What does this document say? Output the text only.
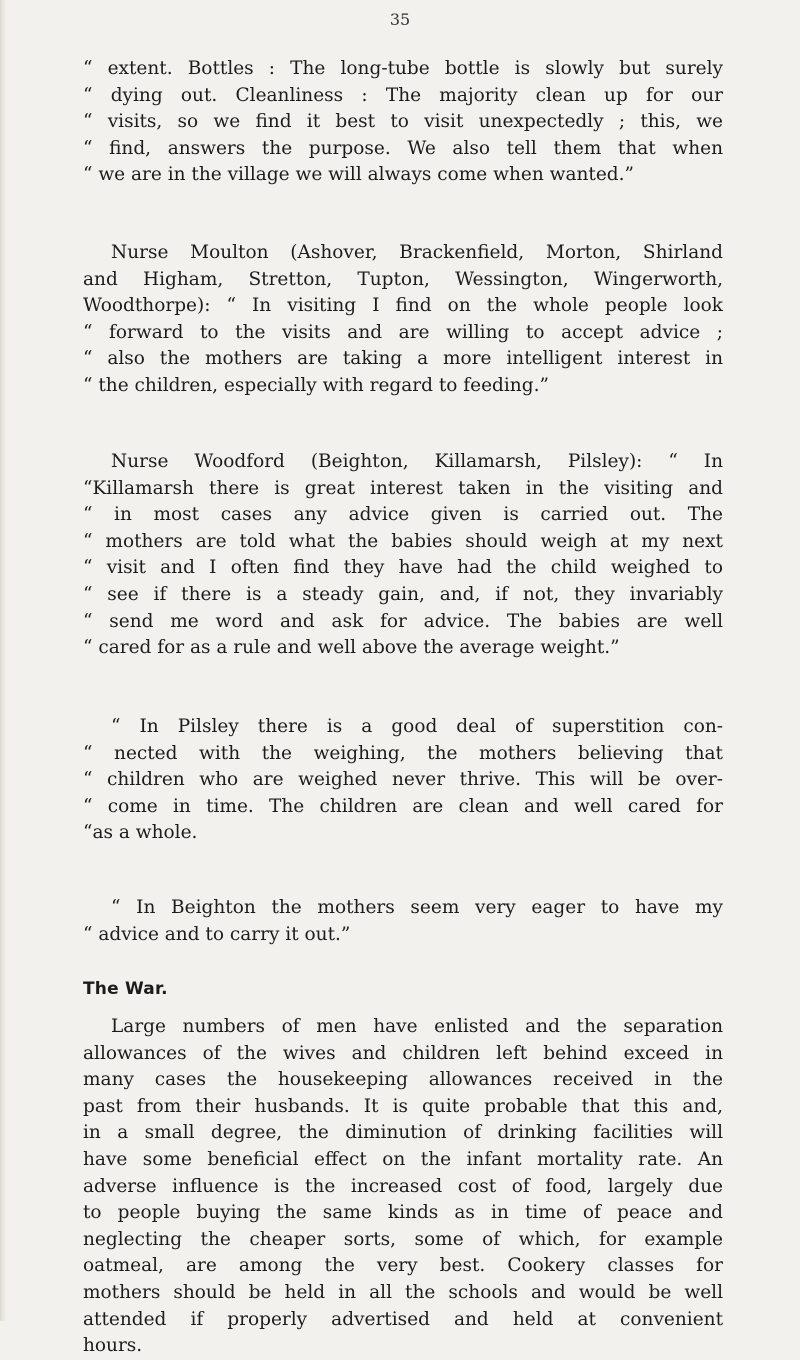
35
“ extent. Bottles : The long-tube bottle is slowly but surely
“ dying out. Cleanliness : The majority clean up for our
“ visits, so we find it best to visit unexpectedly ; this, we
“ find, answers the purpose. We also tell them that when
“ we are in the village we will always come when wanted.”
Nurse Moulton (Ashover, Brackenfield, Morton, Shirland
and Higham, Stretton, Tupton, Wessington, Wingerworth,
Woodthorpe): “ In visiting I find on the whole people look
“ forward to the visits and are willing to accept advice ;
“ also the mothers are taking a more intelligent interest in
“ the children, especially with regard to feeding.”
Nurse Woodford (Beighton, Killamarsh, Pilsley): “ In
“Killamarsh there is great interest taken in the visiting and
“ in most cases any advice given is carried out. The
“ mothers are told what the babies should weigh at my next
“ visit and I often find they have had the child weighed to
“ see if there is a steady gain, and, if not, they invariably
“ send me word and ask for advice. The babies are well
“ cared for as a rule and well above the average weight.”
“ In Pilsley there is a good deal of superstition con-
“ nected with the weighing, the mothers believing that
“ children who are weighed never thrive. This will be over-
“ come in time. The children are clean and well cared for
“as a whole.
“ In Beighton the mothers seem very eager to have my
“ advice and to carry it out.”
The War.
Large numbers of men have enlisted and the separation
allowances of the wives and children left behind exceed in
many cases the housekeeping allowances received in the
past from their husbands. It is quite probable that this and,
in a small degree, the diminution of drinking facilities will
have some beneficial effect on the infant mortality rate. An
adverse influence is the increased cost of food, largely due
to people buying the same kinds as in time of peace and
neglecting the cheaper sorts, some of which, for example
oatmeal, are among the very best. Cookery classes for
mothers should be held in all the schools and would be well
attended if properly advertised and held at convenient
hours.
